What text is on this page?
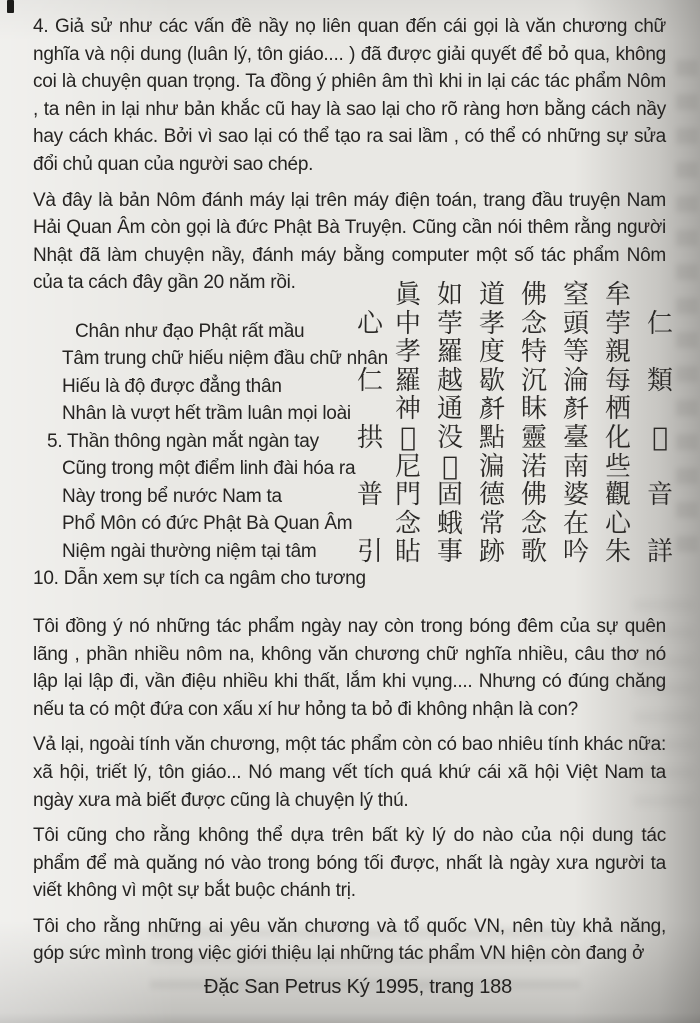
4. Giả sử như các vấn đề nầy nọ liên quan đến cái gọi là văn chương chữ nghĩa và nội dung (luân lý, tôn giáo.... ) đã được giải quyết để bỏ qua, không coi là chuyện quan trọng. Ta đồng ý phiên âm thì khi in lại các tác phẩm Nôm , ta nên in lại như bản khắc cũ hay là sao lại cho rõ ràng hơn bằng cách nầy hay cách khác. Bởi vì sao lại có thể tạo ra sai lầm , có thể có những sự sửa đổi chủ quan của người sao chép.

Và đây là bản Nôm đánh máy lại trên máy điện toán, trang đầu truyện Nam Hải Quan Âm còn gọi là đức Phật Bà Truyện. Cũng cần nói thêm rằng người Nhật đã làm chuyện nầy, đánh máy bằng computer một số tác phẩm Nôm của ta cách đây gần 20 năm rồi.

Chân như đạo Phật rất mầu
Tâm trung chữ hiếu niệm đầu chữ nhân
Hiếu là độ được đẳng thân
Nhân là vượt hết trầm luân mọi loài
5. Thần thông ngàn mắt ngàn tay
Cũng trong một điểm linh đài hóa ra
Này trong bể nước Nam ta
Phổ Môn có đức Phật Bà Quan Âm
Niệm ngài thường niệm tại tâm
10. Dẫn xem sự tích ca ngâm cho tương
眞 如 道 佛 窒 牟
心 中 荢 孝 念 頭 荢 仁
孝 羅 度 特 等 親
仁 羅 越 歇 沉 淪 每 類
神 通 𠦳 眜 𠦳 栖
拱 𥪝 没 點 靈 臺 化 𦋦
尼 𥪝 㴜 渃 南 些
普 門 固 德 佛 婆 觀 音
念 蛾 常 念 在 心
引 䀡 事 跡 歌 吟 朱 詳

Tôi đồng ý nó những tác phẩm ngày nay còn trong bóng đêm của sự quên lãng , phần nhiều nôm na, không văn chương chữ nghĩa nhiều, câu thơ nó lập lại lập đi, vần điệu nhiều khi thất, lắm khi vụng.... Nhưng có đúng chăng nếu ta có một đứa con xấu xí hư hỏng ta bỏ đi không nhận là con?

Vả lại, ngoài tính văn chương, một tác phẩm còn có bao nhiêu tính khác nữa: xã hội, triết lý, tôn giáo... Nó mang vết tích quá khứ cái xã hội Việt Nam ta ngày xưa mà biết được cũng là chuyện lý thú.

Tôi cũng cho rằng không thể dựa trên bất kỳ lý do nào của nội dung tác phẩm để mà quăng nó vào trong bóng tối được, nhất là ngày xưa người ta viết không vì một sự bắt buộc chánh trị.

Tôi cho rằng những ai yêu văn chương và tổ quốc VN, nên tùy khả năng, góp sức mình trong việc giới thiệu lại những tác phẩm VN hiện còn đang ở

Đặc San Petrus Ký 1995, trang 188
